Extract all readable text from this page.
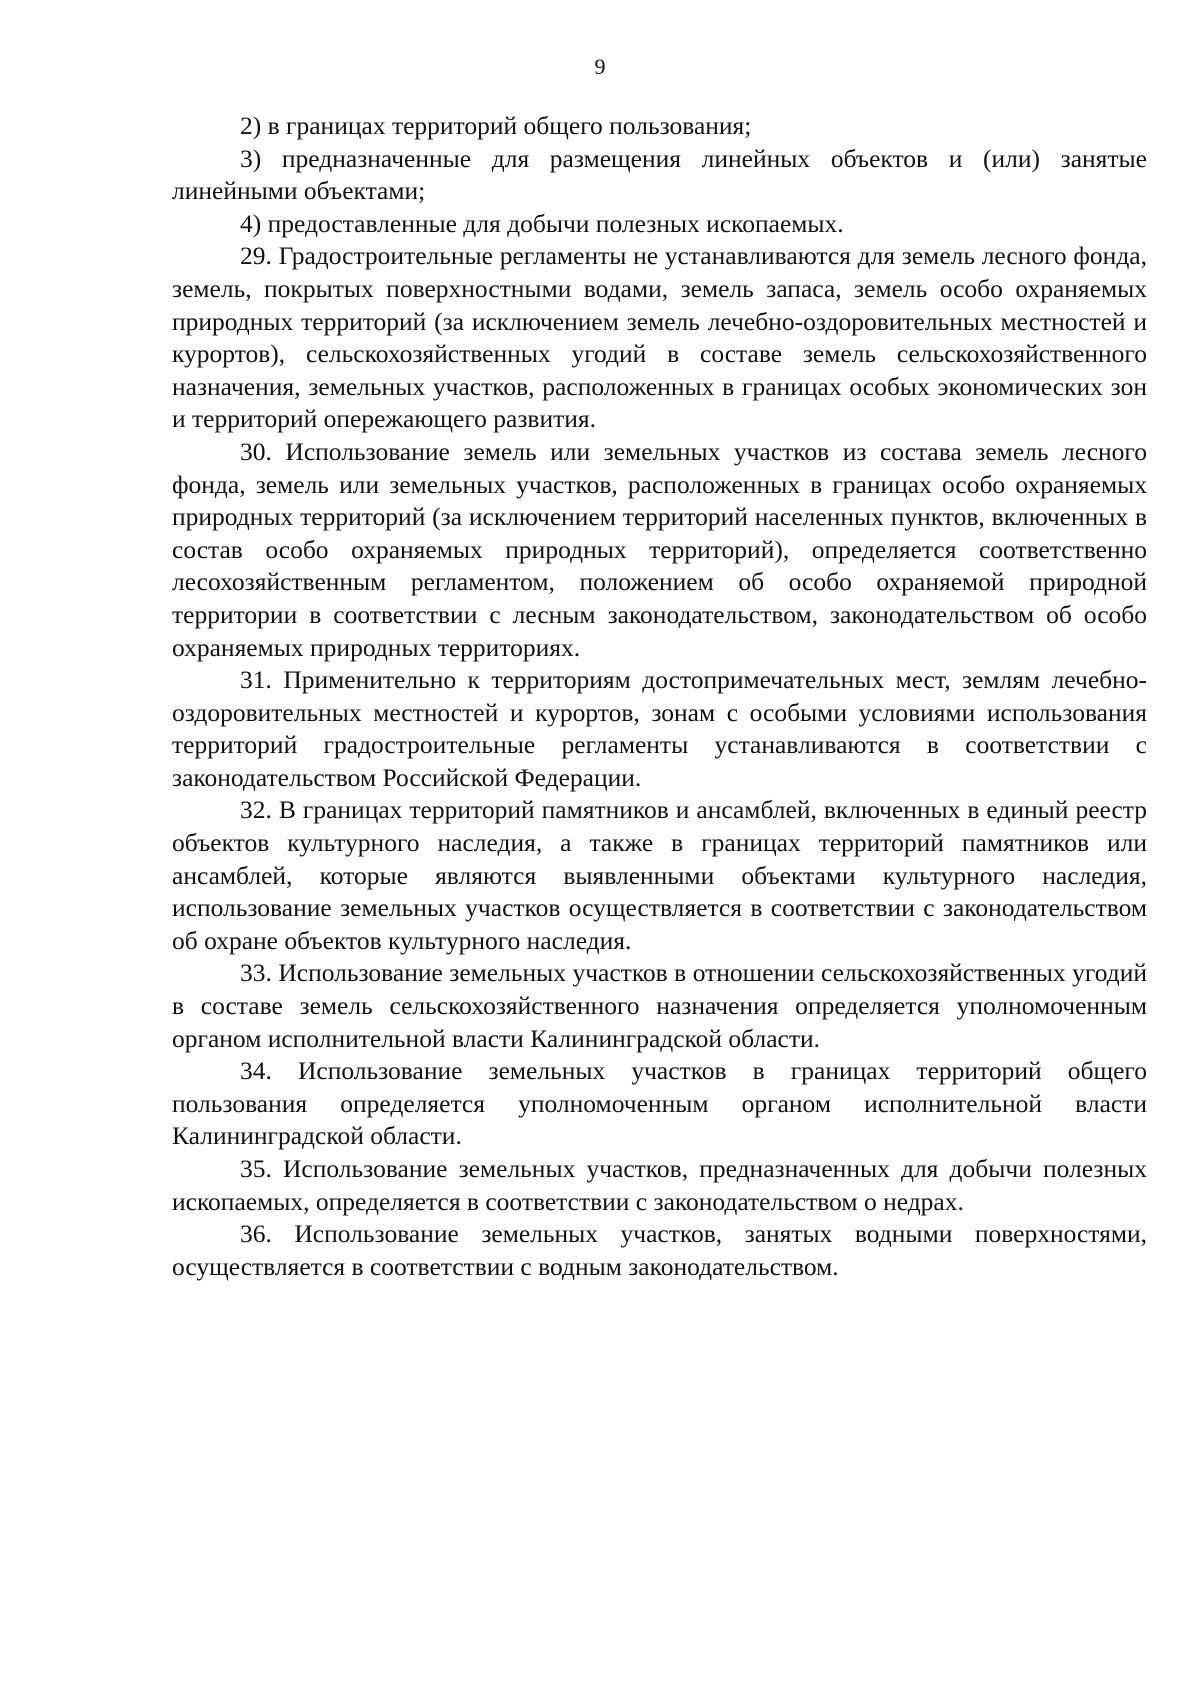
9

2) в границах территорий общего пользования;

3) предназначенные для размещения линейных объектов и (или) занятые линейными объектами;

4) предоставленные для добычи полезных ископаемых.

29. Градостроительные регламенты не устанавливаются для земель лесного фонда, земель, покрытых поверхностными водами, земель запаса, земель особо охраняемых природных территорий (за исключением земель лечебно-оздоровительных местностей и курортов), сельскохозяйственных угодий в составе земель сельскохозяйственного назначения, земельных участков, расположенных в границах особых экономических зон и территорий опережающего развития.

30. Использование земель или земельных участков из состава земель лесного фонда, земель или земельных участков, расположенных в границах особо охраняемых природных территорий (за исключением территорий населенных пунктов, включенных в состав особо охраняемых природных территорий), определяется соответственно лесохозяйственным регламентом, положением об особо охраняемой природной территории в соответствии с лесным законодательством, законодательством об особо охраняемых природных территориях.

31. Применительно к территориям достопримечательных мест, землям лечебно-оздоровительных местностей и курортов, зонам с особыми условиями использования территорий градостроительные регламенты устанавливаются в соответствии с законодательством Российской Федерации.

32. В границах территорий памятников и ансамблей, включенных в единый реестр объектов культурного наследия, а также в границах территорий памятников или ансамблей, которые являются выявленными объектами культурного наследия, использование земельных участков осуществляется в соответствии с законодательством об охране объектов культурного наследия.

33. Использование земельных участков в отношении сельскохозяйственных угодий в составе земель сельскохозяйственного назначения определяется уполномоченным органом исполнительной власти Калининградской области.

34. Использование земельных участков в границах территорий общего пользования определяется уполномоченным органом исполнительной власти Калининградской области.

35. Использование земельных участков, предназначенных для добычи полезных ископаемых, определяется в соответствии с законодательством о недрах.

36. Использование земельных участков, занятых водными поверхностями, осуществляется в соответствии с водным законодательством.
